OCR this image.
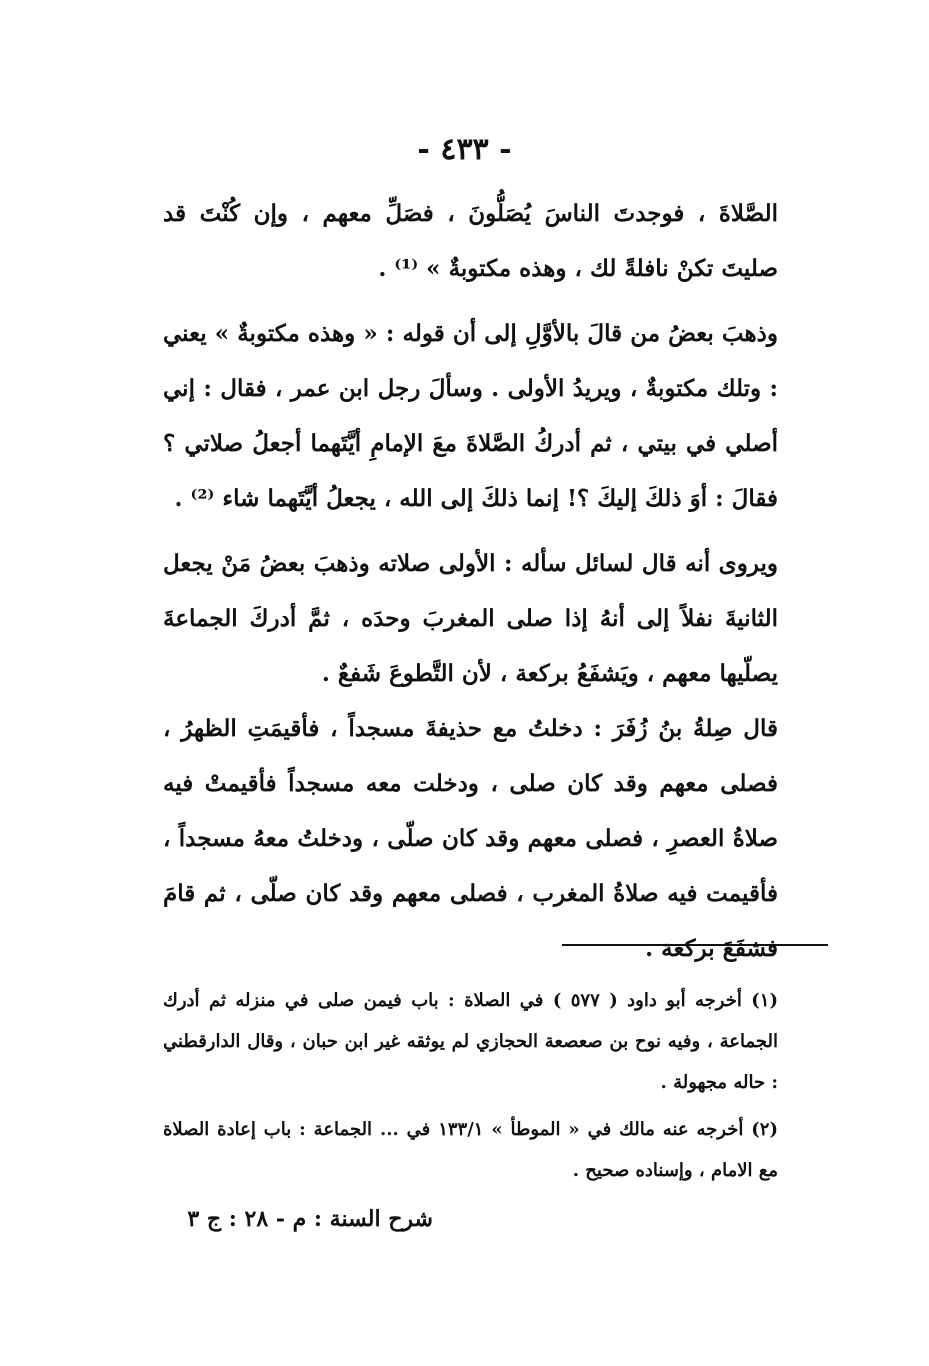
- ٤٣٣ -

الصَّلاةَ ، فوجدتَ الناسَ يُصَلُّونَ ، فصَلِّ معهم ، وإن كُنْتَ قد صليتَ تكنْ نافلةً لك ، وهذه مكتوبةٌ » ⁽¹⁾ .

وذهبَ بعضُ من قالَ بالأوَّلِ إلى أن قوله : « وهذه مكتوبةٌ » يعني : وتلك مكتوبةٌ ، ويريدُ الأولى . وسألَ رجل ابن عمر ، فقال : إني أصلي في بيتي ، ثم أدركُ الصَّلاةَ معَ الإمامِ أيَّتَهما أجعلُ صلاتي ؟ فقالَ : أوَ ذلكَ إليكَ ؟! إنما ذلكَ إلى الله ، يجعلُ أيَّتَهما شاء ⁽²⁾ .

ويروى أنه قال لسائل سأله : الأولى صلاته وذهبَ بعضُ مَنْ يجعل الثانيةَ نفلاً إلى أنهُ إذا صلى المغربَ وحدَه ، ثمَّ أدركَ الجماعةَ يصلّيها معهم ، ويَشفَعُ بركعة ، لأن التَّطوعَ شَفعٌ .

قال صِلةُ بنُ زُفَرَ : دخلتُ مع حذيفةَ مسجداً ، فأقيمَتِ الظهرُ ، فصلى معهم وقد كان صلى ، ودخلت معه مسجداً فأقيمتْ فيه صلاةُ العصرِ ، فصلى معهم وقد كان صلّى ، ودخلتُ معهُ مسجداً ، فأقيمت فيه صلاةُ المغرب ، فصلى معهم وقد كان صلّى ، ثم قامَ فشفَعَ بركعة .

(١) أخرجه أبو داود ( ٥٧٧ ) في الصلاة : باب فيمن صلى في منزله ثم أدرك الجماعة ، وفيه نوح بن صعصعة الحجازي لم يوثقه غير ابن حبان ، وقال الدارقطني : حاله مجهولة .

(٢) أخرجه عنه مالك في « الموطأ » ١٣٣/١ في ... الجماعة : باب إعادة الصلاة مع الامام ، وإسناده صحيح .

شرح السنة : م - ٢٨ : ج ٣
